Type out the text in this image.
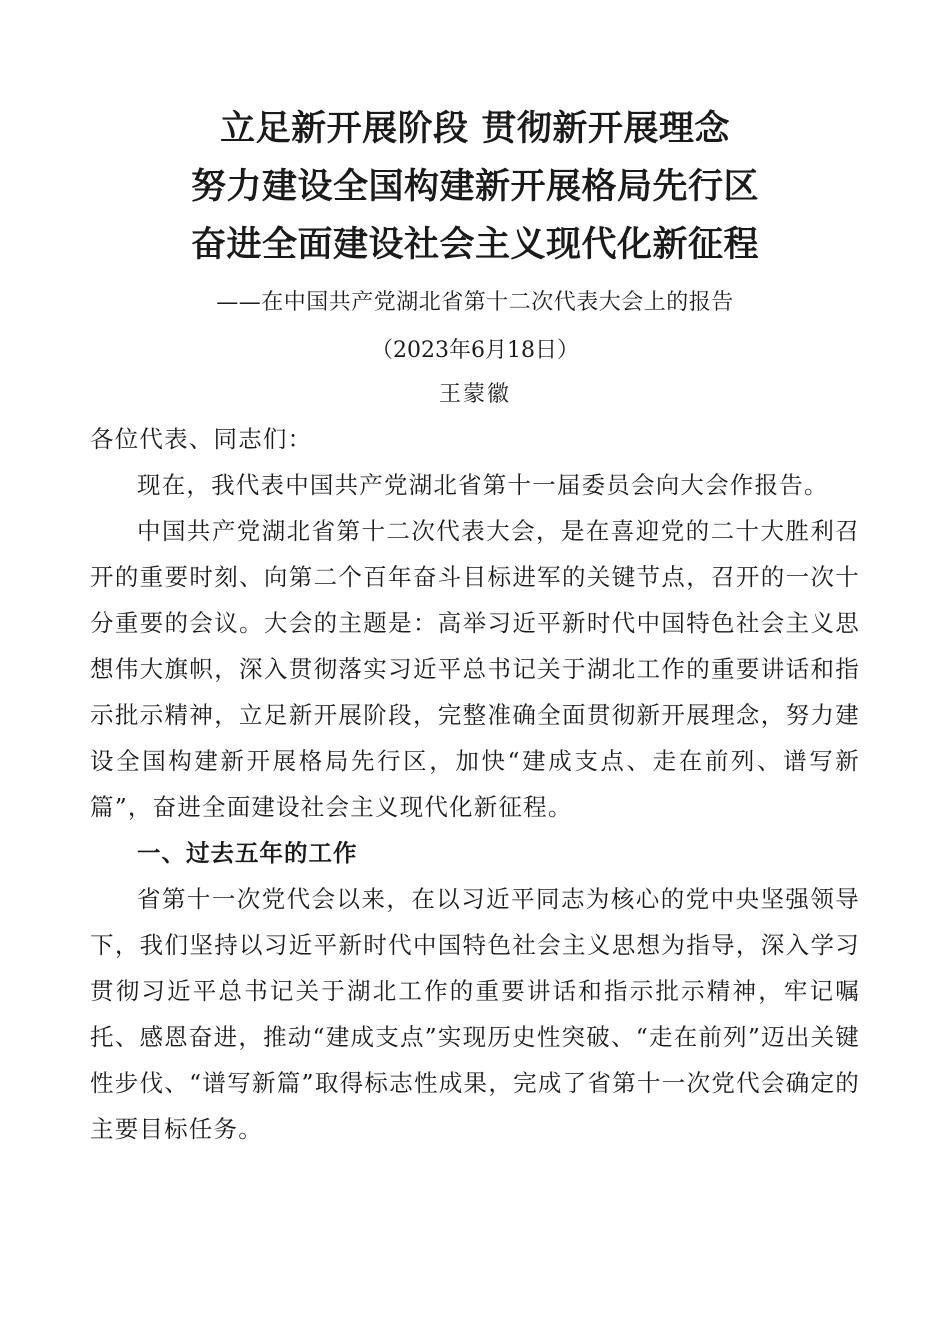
立足新开展阶段 贯彻新开展理念
努力建设全国构建新开展格局先行区
奋进全面建设社会主义现代化新征程
——在中国共产党湖北省第十二次代表大会上的报告
（2023年6月18日）
王蒙徽
各位代表、同志们：

现在，我代表中国共产党湖北省第十一届委员会向大会作报告。

中国共产党湖北省第十二次代表大会，是在喜迎党的二十大胜利召开的重要时刻、向第二个百年奋斗目标进军的关键节点，召开的一次十分重要的会议。大会的主题是：高举习近平新时代中国特色社会主义思想伟大旗帜，深入贯彻落实习近平总书记关于湖北工作的重要讲话和指示批示精神，立足新开展阶段，完整准确全面贯彻新开展理念，努力建设全国构建新开展格局先行区，加快“建成支点、走在前列、谱写新篇”，奋进全面建设社会主义现代化新征程。

一、过去五年的工作

省第十一次党代会以来，在以习近平同志为核心的党中央坚强领导下，我们坚持以习近平新时代中国特色社会主义思想为指导，深入学习贯彻习近平总书记关于湖北工作的重要讲话和指示批示精神，牢记嘱托、感恩奋进，推动“建成支点”实现历史性突破、“走在前列”迈出关键性步伐、“谱写新篇”取得标志性成果，完成了省第十一次党代会确定的主要目标任务。
